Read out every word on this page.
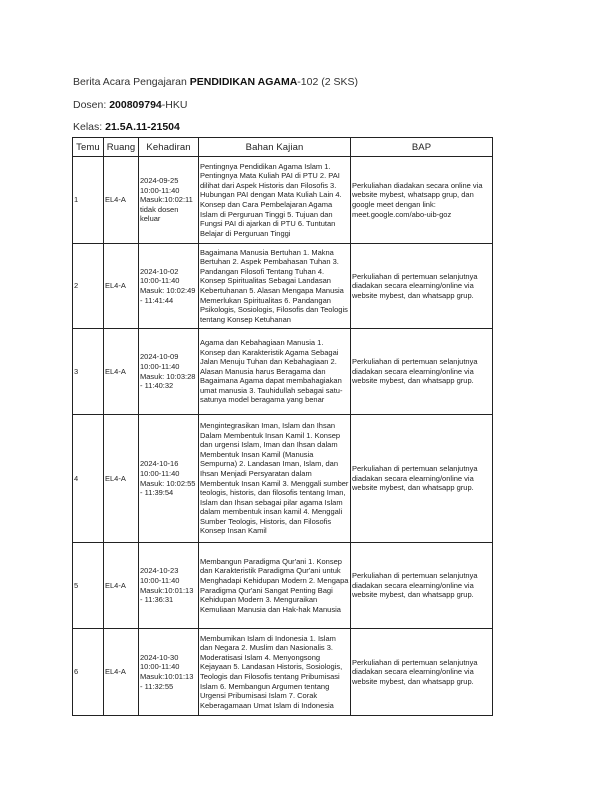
Berita Acara Pengajaran PENDIDIKAN AGAMA-102 (2 SKS)
Dosen: 200809794-HKU
Kelas: 21.5A.11-21504
Temu	Ruang	Kehadiran	Bahan Kajian	BAP
1	EL4-A	2024-09-25 10:00-11:40 Masuk:10:02:11 tidak dosen keluar	Pentingnya Pendidikan Agama Islam 1. Pentingnya Mata Kuliah PAI di PTU 2. PAI dilihat dari Aspek Historis dan Filosofis 3. Hubungan PAI dengan Mata Kuliah Lain 4. Konsep dan Cara Pembelajaran Agama Islam di Perguruan Tinggi 5. Tujuan dan Fungsi PAI di ajarkan di PTU 6. Tuntutan Belajar di Perguruan Tinggi	Perkuliahan diadakan secara online via website mybest, whatsapp grup, dan google meet dengan link: meet.google.com/abo-uib-goz
2	EL4-A	2024-10-02 10:00-11:40 Masuk: 10:02:49 - 11:41:44	Bagaimana Manusia Bertuhan 1. Makna Bertuhan 2. Aspek Pembahasan Tuhan 3. Pandangan Filosofi Tentang Tuhan 4. Konsep Spiritualitas Sebagai Landasan Kebertuhanan 5. Alasan Mengapa Manusia Memerlukan Spiritualitas 6. Pandangan Psikologis, Sosiologis, Filosofis dan Teologis tentang Konsep Ketuhanan	Perkuliahan di pertemuan selanjutnya diadakan secara elearning/online via website mybest, dan whatsapp grup.
3	EL4-A	2024-10-09 10:00-11:40 Masuk: 10:03:28 - 11:40:32	Agama dan Kebahagiaan Manusia 1. Konsep dan Karakteristik Agama Sebagai Jalan Menuju Tuhan dan Kebahagiaan 2. Alasan Manusia harus Beragama dan Bagaimana Agama dapat membahagiakan umat manusia 3. Tauhidullah sebagai satu-satunya model beragama yang benar	Perkuliahan di pertemuan selanjutnya diadakan secara elearning/online via website mybest, dan whatsapp grup.
4	EL4-A	2024-10-16 10:00-11:40 Masuk: 10:02:55 - 11:39:54	Mengintegrasikan Iman, Islam dan Ihsan Dalam Membentuk Insan Kamil 1. Konsep dan urgensi Islam, Iman dan Ihsan dalam Membentuk Insan Kamil (Manusia Sempurna) 2. Landasan Iman, Islam, dan Ihsan Menjadi Persyaratan dalam Membentuk Insan Kamil 3. Menggali sumber teologis, historis, dan filosofis tentang Iman, Islam dan Ihsan sebagai pilar agama Islam dalam membentuk insan kamil 4. Menggali Sumber Teologis, Historis, dan Filosofis Konsep Insan Kamil	Perkuliahan di pertemuan selanjutnya diadakan secara elearning/online via website mybest, dan whatsapp grup.
5	EL4-A	2024-10-23 10:00-11:40 Masuk:10:01:13 - 11:36:31	Membangun Paradigma Qur'ani 1. Konsep dan Karakteristik Paradigma Qur'ani untuk Menghadapi Kehidupan Modern 2. Mengapa Paradigma Qur'ani Sangat Penting Bagi Kehidupan Modern 3. Menguraikan Kemuliaan Manusia dan Hak-hak Manusia	Perkuliahan di pertemuan selanjutnya diadakan secara elearning/online via website mybest, dan whatsapp grup.
6	EL4-A	2024-10-30 10:00-11:40 Masuk:10:01:13 - 11:32:55	Membumikan Islam di Indonesia 1. Islam dan Negara 2. Muslim dan Nasionalis 3. Moderatisasi Islam 4. Menyongsong Kejayaan 5. Landasan Historis, Sosiologis, Teologis dan Filosofis tentang Pribumisasi Islam 6. Membangun Argumen tentang Urgensi Pribumisasi Islam 7. Corak Keberagamaan Umat Islam di Indonesia	Perkuliahan di pertemuan selanjutnya diadakan secara elearning/online via website mybest, dan whatsapp grup.
